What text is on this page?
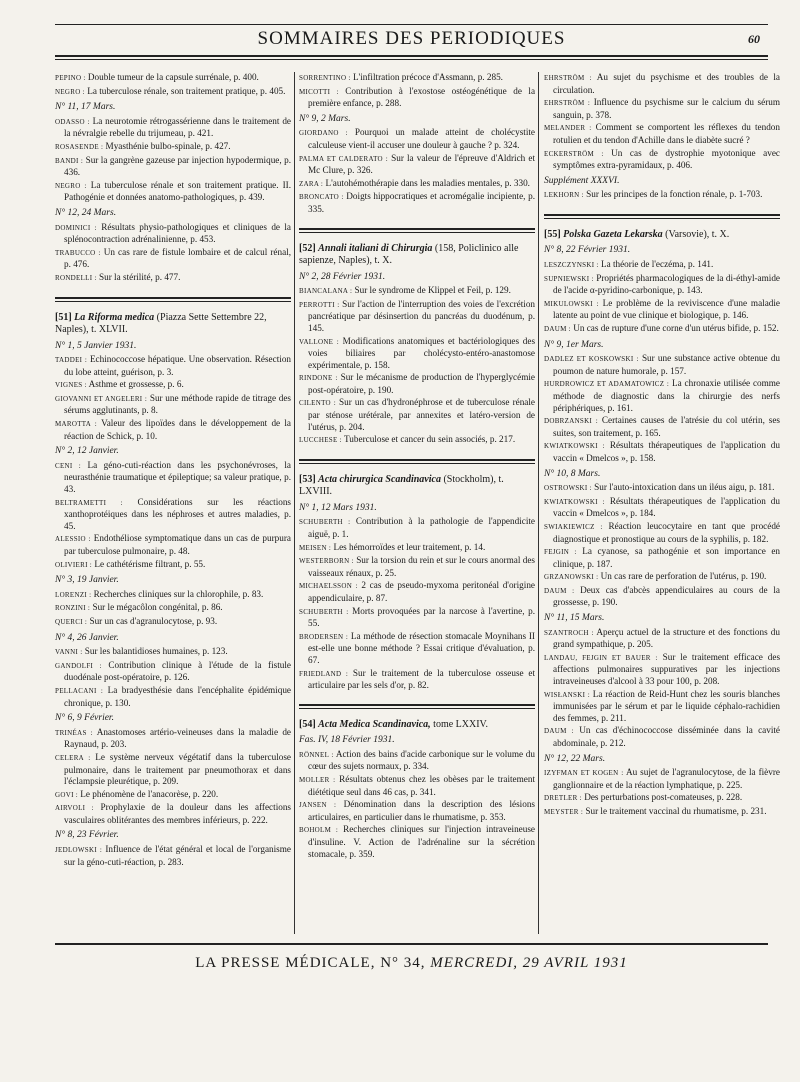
SOMMAIRES DES PERIODIQUES	60

PEPINO : Double tumeur de la capsule surrénale, p. 400.

NEGRO : La tuberculose rénale, son traitement pratique, p. 405.

N° 11, 17 Mars.

ODASSO : La neurotomie rétrogassérienne dans le traitement de la névralgie rebelle du trijumeau, p. 421.

ROSASENDE : Myasthénie bulbo-spinale, p. 427.

BANDI : Sur la gangrène gazeuse par injection hypodermique, p. 436.

NEGRO : La tuberculose rénale et son traitement pratique. II. Pathogénie et données anatomo-pathologiques, p. 439.

N° 12, 24 Mars.

DOMINICI : Résultats physio-pathologiques et cliniques de la splénocontraction adrénalinienne, p. 453.

TRABUCCO : Un cas rare de fistule lombaire et de calcul rénal, p. 476.

RONDELLI : Sur la stérilité, p. 477.

[51] La Riforma medica (Piazza Sette Settembre 22, Naples), t. XLVII.
N° 1, 5 Janvier 1931.

TADDEI : Echinococcose hépatique. Une observation. Résection du lobe atteint, guérison, p. 3.

VIGNES : Asthme et grossesse, p. 6.

GIOVANNI ET ANGELERI : Sur une méthode rapide de titrage des sérums agglutinants, p. 8.

MAROTTA : Valeur des lipoïdes dans le développement de la réaction de Schick, p. 10.

N° 2, 12 Janvier.

CENI : La géno-cuti-réaction dans les psychonévroses, la neurasthénie traumatique et épileptique; sa valeur pratique, p. 43.

BELTRAMETTI : Considérations sur les réactions xanthoprotéiques dans les néphroses et autres maladies, p. 45.

ALESSIO : Endothéliose symptomatique dans un cas de purpura par tuberculose pulmonaire, p. 48.

OLIVIERI : Le cathétérisme filtrant, p. 55.

N° 3, 19 Janvier.

LORENZI : Recherches cliniques sur la chlorophile, p. 83.

RONZINI : Sur le mégacôlon congénital, p. 86.

QUERCI : Sur un cas d'agranulocytose, p. 93.

N° 4, 26 Janvier.

VANNI : Sur les balantidioses humaines, p. 123.

GANDOLFI : Contribution clinique à l'étude de la fistule duodénale post-opératoire, p. 126.

PELLACANI : La bradyesthésie dans l'encéphalite épidémique chronique, p. 130.

N° 6, 9 Février.

TRINÉAS : Anastomoses artério-veineuses dans la maladie de Raynaud, p. 203.

CELERA : Le système nerveux végétatif dans la tuberculose pulmonaire, dans le traitement par pneumothorax et dans l'éclampsie pleurétique, p. 209.

GOVI : Le phénomène de l'anacorèse, p. 220.

AIRVOLI : Prophylaxie de la douleur dans les affections vasculaires oblitérantes des membres inférieurs, p. 222.

N° 8, 23 Février.

JEDLOWSKI : Influence de l'état général et local de l'organisme sur la géno-cuti-réaction, p. 283.

SORRENTINO : L'infiltration précoce d'Assmann, p. 285.

MICOTTI : Contribution à l'exostose ostéogénétique de la première enfance, p. 288.

N° 9, 2 Mars.

GIORDANO : Pourquoi un malade atteint de cholécystite calculeuse vient-il accuser une douleur à gauche ? p. 324.

PALMA ET CALDERATO : Sur la valeur de l'épreuve d'Aldrich et Mc Clure, p. 326.

ZARA : L'autohémothérapie dans les maladies mentales, p. 330.

BRONCATO : Doigts hippocratiques et acromégalie incipiente, p. 335.

[52] Annali italiani di Chirurgia (158, Policlinico alle sapienze, Naples), t. X.
N° 2, 28 Février 1931.

BIANCALANA : Sur le syndrome de Klippel et Feil, p. 129.

PERROTTI : Sur l'action de l'interruption des voies de l'excrétion pancréatique par désinsertion du pancréas du duodénum, p. 145.

VALLONE : Modifications anatomiques et bactériologiques des voies biliaires par cholécysto-entéro-anastomose expérimentale, p. 158.

RINDONE : Sur le mécanisme de production de l'hyperglycémie post-opératoire, p. 190.

CILENTO : Sur un cas d'hydronéphrose et de tuberculose rénale par sténose urétérale, par annexites et latéro-version de l'utérus, p. 204.

LUCCHESE : Tuberculose et cancer du sein associés, p. 217.

[53] Acta chirurgica Scandinavica (Stockholm), t. LXVIII.
N° 1, 12 Mars 1931.

SCHUBERTH : Contribution à la pathologie de l'appendicite aiguë, p. 1.

MEISEN : Les hémorroïdes et leur traitement, p. 14.

WESTERBORN : Sur la torsion du rein et sur le cours anormal des vaisseaux rénaux, p. 25.

MICHAELSSON : 2 cas de pseudo-myxoma peritonéal d'origine appendiculaire, p. 87.

SCHUBERTH : Morts provoquées par la narcose à l'avertine, p. 55.

BRODERSEN : La méthode de résection stomacale Moynihans II est-elle une bonne méthode ? Essai critique d'évaluation, p. 67.

FRIEDLAND : Sur le traitement de la tuberculose osseuse et articulaire par les sels d'or, p. 82.

[54] Acta Medica Scandinavica, tome LXXIV.
Fas. IV, 18 Février 1931.

RÖNNEL : Action des bains d'acide carbonique sur le volume du cœur des sujets normaux, p. 334.

MOLLER : Résultats obtenus chez les obèses par le traitement diététique seul dans 46 cas, p. 341.

JANSEN : Dénomination dans la description des lésions articulaires, en particulier dans le rhumatisme, p. 353.

BOHOLM : Recherches cliniques sur l'injection intraveineuse d'insuline. V. Action de l'adrénaline sur la sécrétion stomacale, p. 359.

EHRSTRÖM : Au sujet du psychisme et des troubles de la circulation.

EHRSTRÖM : Influence du psychisme sur le calcium du sérum sanguin, p. 378.

MELANDER : Comment se comportent les réflexes du tendon rotulien et du tendon d'Achille dans le diabète sucré ?

ECKERSTRÖM : Un cas de dystrophie myotonique avec symptômes extra-pyramidaux, p. 406.

Supplément XXXVI.

LEKHORN : Sur les principes de la fonction rénale, p. 1-703.

[55] Polska Gazeta Lekarska (Varsovie), t. X.
N° 8, 22 Février 1931.

LESZCZYNSKI : La théorie de l'eczéma, p. 141.

SUPNIEWSKI : Propriétés pharmacologiques de la di-éthyl-amide de l'acide α-pyridino-carbonique, p. 143.

MIKULOWSKI : Le problème de la reviviscence d'une maladie latente au point de vue clinique et biologique, p. 146.

DAUM : Un cas de rupture d'une corne d'un utérus bifide, p. 152.

N° 9, 1er Mars.

DADLEZ ET KOSKOWSKI : Sur une substance active obtenue du poumon de nature humorale, p. 157.

HURDROWICZ ET ADAMATOWICZ : La chronaxie utilisée comme méthode de diagnostic dans la chirurgie des nerfs périphériques, p. 161.

DOBRZANSKI : Certaines causes de l'atrésie du col utérin, ses suites, son traitement, p. 165.

KWIATKOWSKI : Résultats thérapeutiques de l'application du vaccin « Dmelcos », p. 158.

N° 10, 8 Mars.

OSTROWSKI : Sur l'auto-intoxication dans un iléus aigu, p. 181.

KWIATKOWSKI : Résultats thérapeutiques de l'application du vaccin « Dmelcos », p. 184.

SWIAKIEWICZ : Réaction leucocytaire en tant que procédé diagnostique et pronostique au cours de la syphilis, p. 182.

FEJGIN : La cyanose, sa pathogénie et son importance en clinique, p. 187.

GRZANOWSKI : Un cas rare de perforation de l'utérus, p. 190.

DAUM : Deux cas d'abcès appendiculaires au cours de la grossesse, p. 190.

N° 11, 15 Mars.

SZANTROCH : Aperçu actuel de la structure et des fonctions du grand sympathique, p. 205.

LANDAU, FEJGIN ET BAUER : Sur le traitement efficace des affections pulmonaires suppuratives par les injections intraveineuses d'alcool à 33 pour 100, p. 208.

WISŁANSKI : La réaction de Reid-Hunt chez les souris blanches immunisées par le sérum et par le liquide céphalo-rachidien des femmes, p. 211.

DAUM : Un cas d'échinococcose disséminée dans la cavité abdominale, p. 212.

N° 12, 22 Mars.

IZYFMAN ET KOGEN : Au sujet de l'agranulocytose, de la fièvre ganglionnaire et de la réaction lymphatique, p. 225.

DRETLER : Des perturbations post-comateuses, p. 228.

MEYSTER : Sur le traitement vaccinal du rhumatisme, p. 231.

LA PRESSE MÉDICALE, N° 34, MERCREDI, 29 AVRIL 1931
